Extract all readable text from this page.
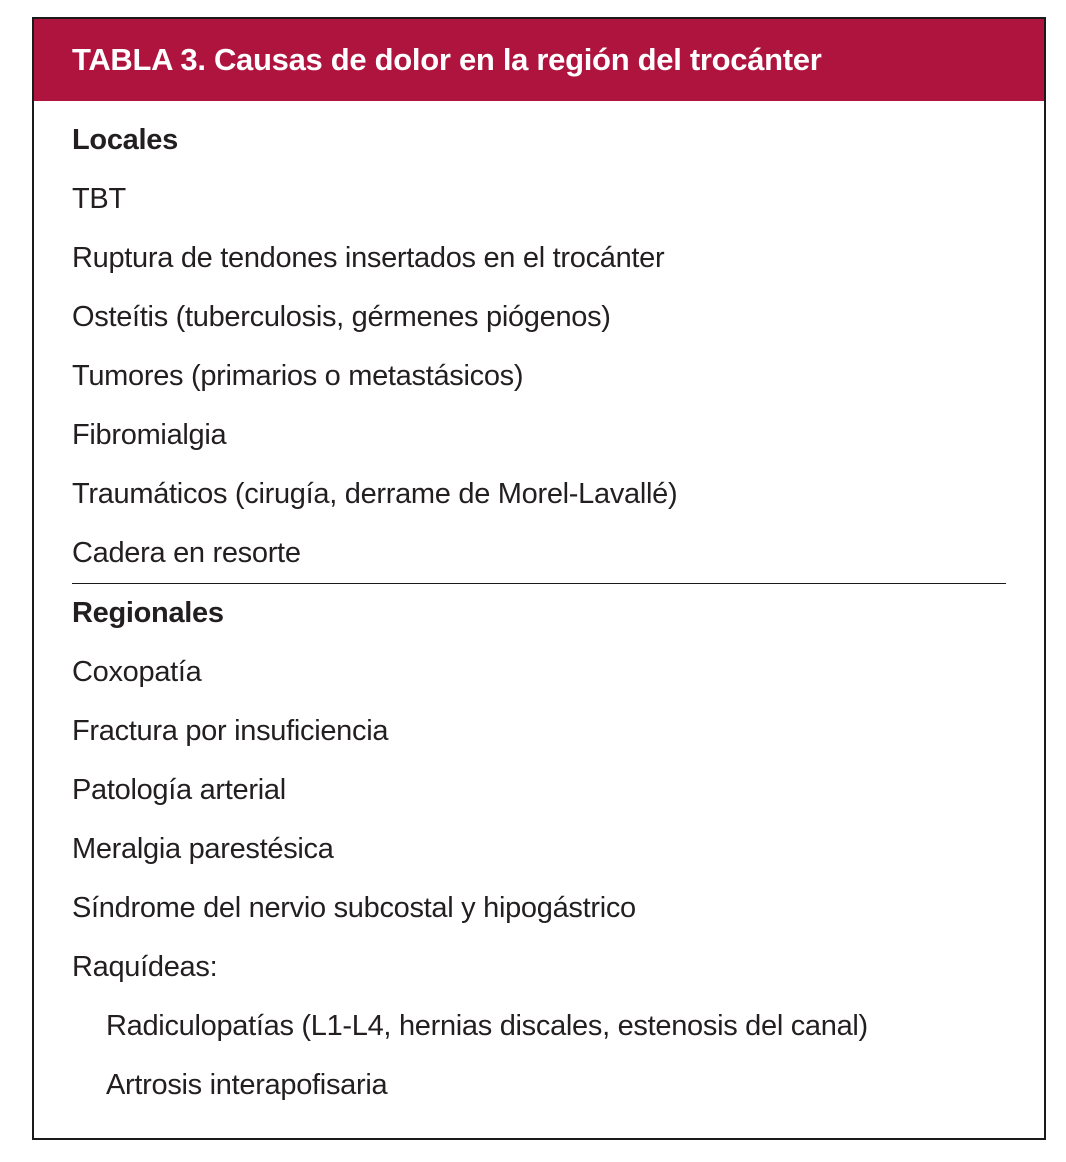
TABLA 3. Causas de dolor en la región del trocánter
Locales
TBT
Ruptura de tendones insertados en el trocánter
Osteítis (tuberculosis, gérmenes piógenos)
Tumores (primarios o metastásicos)
Fibromialgia
Traumáticos (cirugía, derrame de Morel-Lavallé)
Cadera en resorte
Regionales
Coxopatía
Fractura por insuficiencia
Patología arterial
Meralgia parestésica
Síndrome del nervio subcostal y hipogástrico
Raquídeas:
Radiculopatías (L1-L4, hernias discales, estenosis del canal)
Artrosis interapofisaria
